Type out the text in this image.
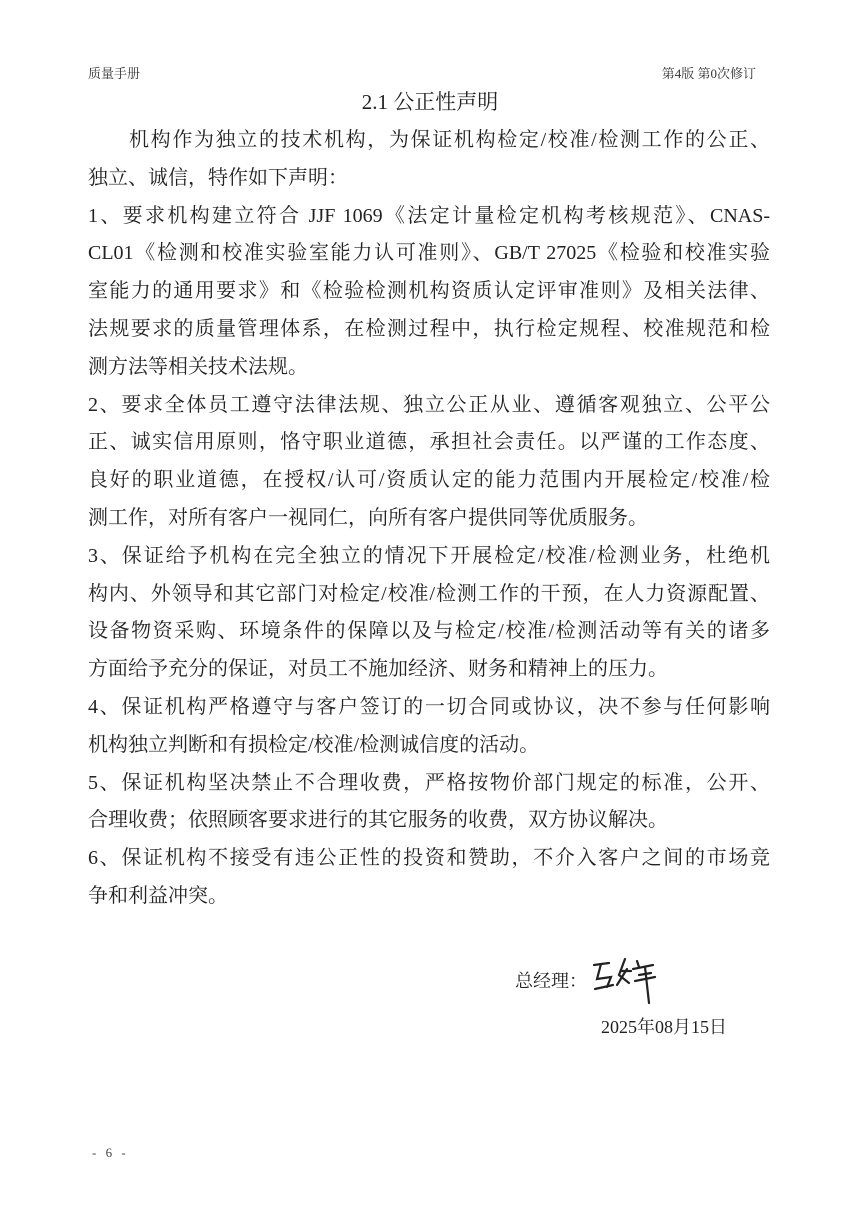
质量手册	第4版 第0次修订
2.1 公正性声明
机构作为独立的技术机构，为保证机构检定/校准/检测工作的公正、
独立、诚信，特作如下声明：
1、要求机构建立符合 JJF 1069《法定计量检定机构考核规范》、CNAS-
CL01《检测和校准实验室能力认可准则》、GB/T 27025《检验和校准实验
室能力的通用要求》和《检验检测机构资质认定评审准则》及相关法律、
法规要求的质量管理体系，在检测过程中，执行检定规程、校准规范和检
测方法等相关技术法规。
2、要求全体员工遵守法律法规、独立公正从业、遵循客观独立、公平公
正、诚实信用原则，恪守职业道德，承担社会责任。以严谨的工作态度、
良好的职业道德，在授权/认可/资质认定的能力范围内开展检定/校准/检
测工作，对所有客户一视同仁，向所有客户提供同等优质服务。
3、保证给予机构在完全独立的情况下开展检定/校准/检测业务，杜绝机
构内、外领导和其它部门对检定/校准/检测工作的干预，在人力资源配置、
设备物资采购、环境条件的保障以及与检定/校准/检测活动等有关的诸多
方面给予充分的保证，对员工不施加经济、财务和精神上的压力。
4、保证机构严格遵守与客户签订的一切合同或协议，决不参与任何影响
机构独立判断和有损检定/校准/检测诚信度的活动。
5、保证机构坚决禁止不合理收费，严格按物价部门规定的标准，公开、
合理收费；依照顾客要求进行的其它服务的收费，双方协议解决。
6、保证机构不接受有违公正性的投资和赞助，不介入客户之间的市场竞
争和利益冲突。
总经理：
2025年08月15日
- 6 -
